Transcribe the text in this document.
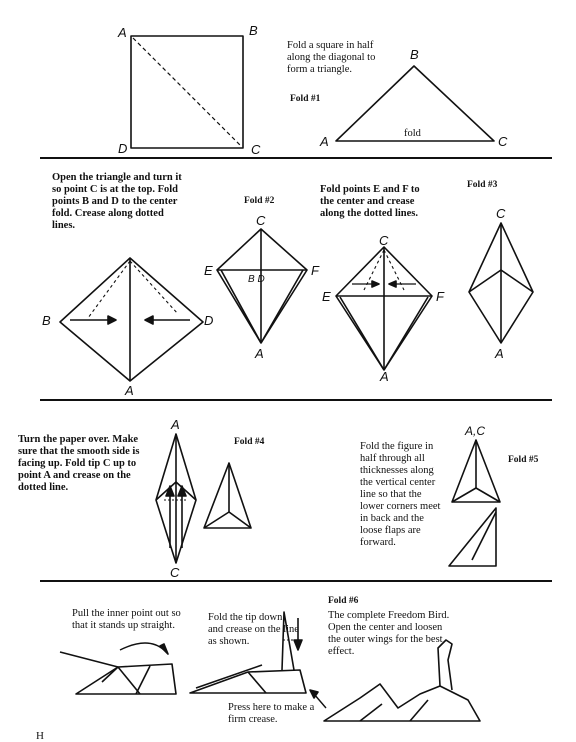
Fold #1
Fold #2
Fold #3
Fold #4
Fold #5
Fold #6

Fold a square in half along the diagonal to form a triangle.

Open the triangle and turn it so point C is at the top. Fold points B and D to the center fold. Crease along dotted lines.

Fold points E and F to the center and crease along the dotted lines.

Turn the paper over. Make sure that the smooth side is facing up. Fold tip C up to point A and crease on the dotted line.

Fold the figure in half through all thicknesses along the vertical center line so that the lower corners meet in back and the loose flaps are forward.

Pull the inner point out so that it stands up straight.

Fold the tip down and crease on the line as shown.

Press here to make a firm crease.

The complete Freedom Bird. Open the center and loosen the outer wings for the best effect.

A	B
D	C
B
A	C
fold
B	D
A
C
E	F
B D
A
C
E	F
A
C
A
A
C
A,C
H
